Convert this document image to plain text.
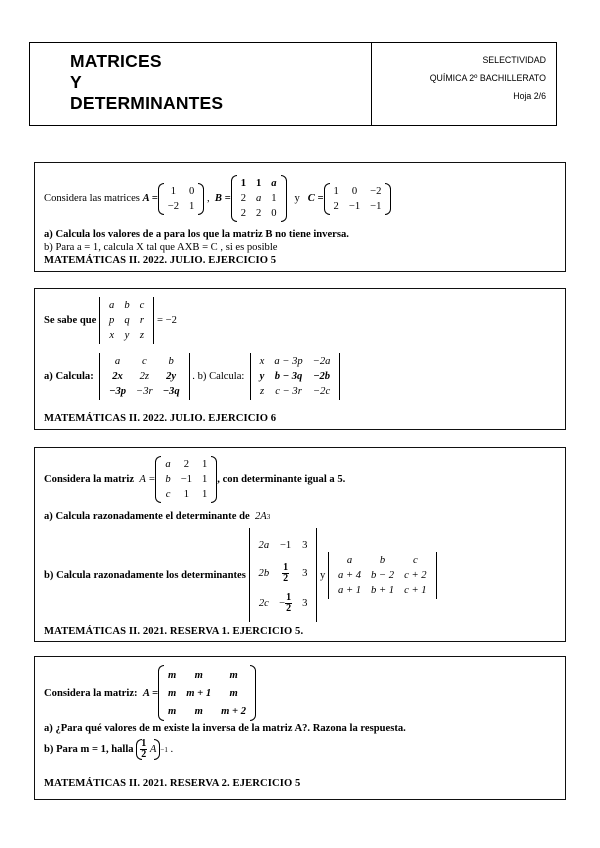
MATRICES
Y
DETERMINANTES
SELECTIVIDAD
QUÍMICA 2º BACHILLERATO
Hoja 2/6
Considera las matrices
A =
1	0
−2	1

,
B =
1	1	a
2	a	1
2	2	0

y
C =
1	0	−2
2	−1	−1
a) Calcula los valores de a para los que la matriz B no tiene inversa.
b) Para a = 1, calcula X tal que AXB = C , si es posible
MATEMÁTICAS II. 2022. JULIO. EJERCICIO 5
Se sabe que

a	b	c
p	q	r
x	y	z

= −2
a) Calcula:

a	c	b
2x	2z	2y
−3p	−3r	−3q

. b) Calcula:

x	a − 3p	−2a
y	b − 3q	−2b
z	c − 3r	−2c
MATEMÁTICAS II. 2022. JULIO. EJERCICIO 6
Considera la matriz
A =
a	2	1
b	−1	1
c	1	1
, con determinante igual a 5.
a) Calcula razonadamente el determinante de
2A 3
b) Calcula razonadamente los determinantes

2a	−1	3
2b	$\frac{1}{2}$	3
2c	− $\frac{1}{2}$	3

y

a	b	c
a + 4	b − 2	c + 2
a + 1	b + 1	c + 1
MATEMÁTICAS II. 2021. RESERVA 1. EJERCICIO 5.
Considera la matriz:
A =
m	m	m
m	m + 1	m
m	m	m + 2
a) ¿Para qué valores de m existe la inversa de la matriz A?. Razona la respuesta.
b) Para m = 1, halla
$\frac{1}{2}$ A −1
.
MATEMÁTICAS II. 2021. RESERVA 2. EJERCICIO 5
